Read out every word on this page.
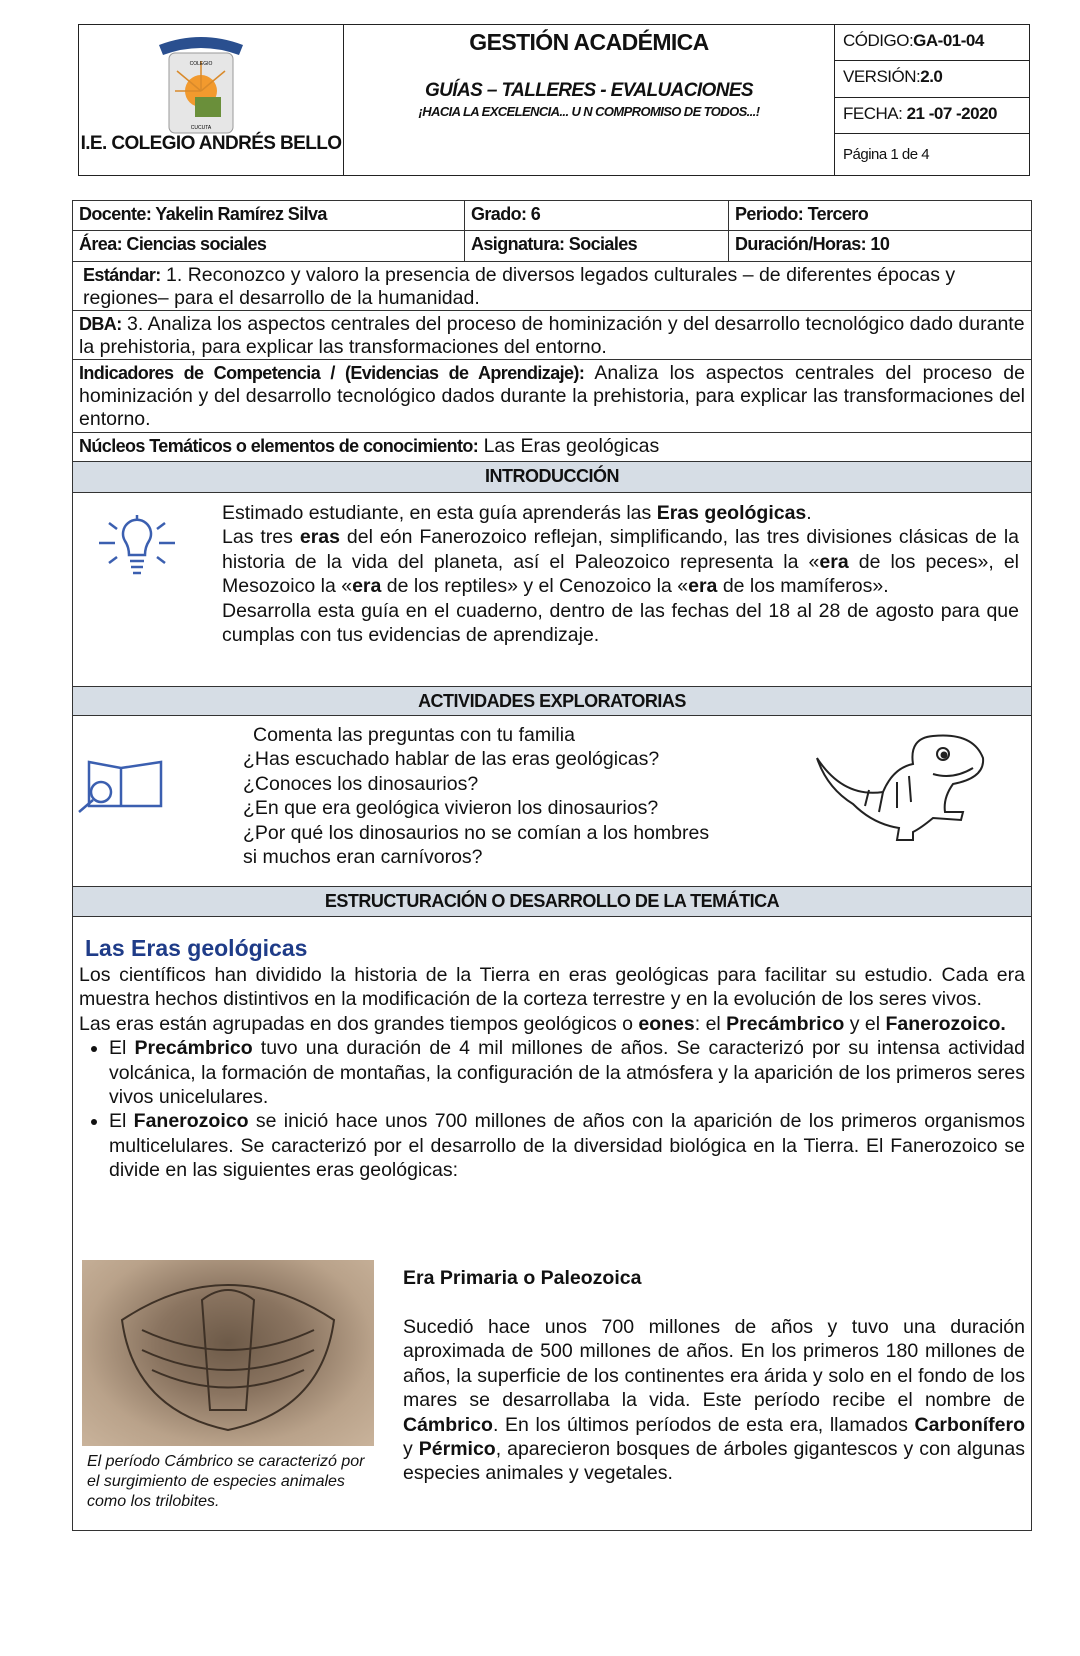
COLEGIO
CUCUTA
I.E. COLEGIO ANDRÉS BELLO
GESTIÓN ACADÉMICA
GUÍAS – TALLERES - EVALUACIONES
¡HACIA LA EXCELENCIA... U N COMPROMISO DE TODOS...!
CÓDIGO:GA-01-04
VERSIÓN:2.0
FECHA: 21 -07 -2020
Página 1 de 4
Docente: Yakelin Ramírez Silva	Grado: 6	Periodo: Tercero
Área: Ciencias sociales	Asignatura: Sociales	Duración/Horas: 10
Estándar: 1. Reconozco y valoro la presencia de diversos legados culturales – de diferentes épocas y regiones– para el desarrollo de la humanidad.
DBA: 3. Analiza los aspectos centrales del proceso de hominización y del desarrollo tecnológico dado durante la prehistoria, para explicar las transformaciones del entorno.
Indicadores de Competencia / (Evidencias de Aprendizaje): Analiza los aspectos centrales del proceso de hominización y del desarrollo tecnológico dados durante la prehistoria, para explicar las transformaciones del entorno.
Núcleos Temáticos o elementos de conocimiento: Las Eras geológicas
INTRODUCCIÓN

Estimado estudiante, en esta guía aprenderás las Eras geológicas.

Las tres eras del eón Fanerozoico reflejan, simplificando, las tres divisiones clásicas de la historia de la vida del planeta, así el Paleozoico representa la «era de los peces», el Mesozoico la «era de los reptiles» y el Cenozoico la «era de los mamíferos».

Desarrolla esta guía en el cuaderno, dentro de las fechas del 18 al 28 de agosto para que cumplas con tus evidencias de aprendizaje.

ACTIVIDADES EXPLORATORIAS

Comenta las preguntas con tu familia

¿Has escuchado hablar de las eras geológicas?

¿Conoces los dinosaurios?

¿En que era geológica vivieron los dinosaurios?

¿Por qué los dinosaurios no se comían a los hombres

si muchos eran carnívoros?

ESTRUCTURACIÓN O DESARROLLO DE LA TEMÁTICA
Las Eras geológicas

Los científicos han dividido la historia de la Tierra en eras geológicas para facilitar su estudio. Cada era muestra hechos distintivos en la modificación de la corteza terrestre y en la evolución de los seres vivos.

Las eras están agrupadas en dos grandes tiempos geológicos o eones: el Precámbrico y el Fanerozoico.

• El Precámbrico tuvo una duración de 4 mil millones de años. Se caracterizó por su intensa actividad volcánica, la formación de montañas, la configuración de la atmósfera y la aparición de los primeros seres vivos unicelulares.
• El Fanerozoico se inició hace unos 700 millones de años con la aparición de los primeros organismos multicelulares. Se caracterizó por el desarrollo de la diversidad biológica en la Tierra. El Fanerozoico se divide en las siguientes eras geológicas:
El período Cámbrico se caracterizó por el surgimiento de especies animales como los trilobites.
Era Primaria o Paleozoica
Sucedió hace unos 700 millones de años y tuvo una duración aproximada de 500 millones de años. En los primeros 180 millones de años, la superficie de los continentes era árida y solo en el fondo de los mares se desarrollaba la vida. Este período recibe el nombre de Cámbrico. En los últimos períodos de esta era, llamados Carbonífero y Pérmico, aparecieron bosques de árboles gigantescos y con algunas especies animales y vegetales.
